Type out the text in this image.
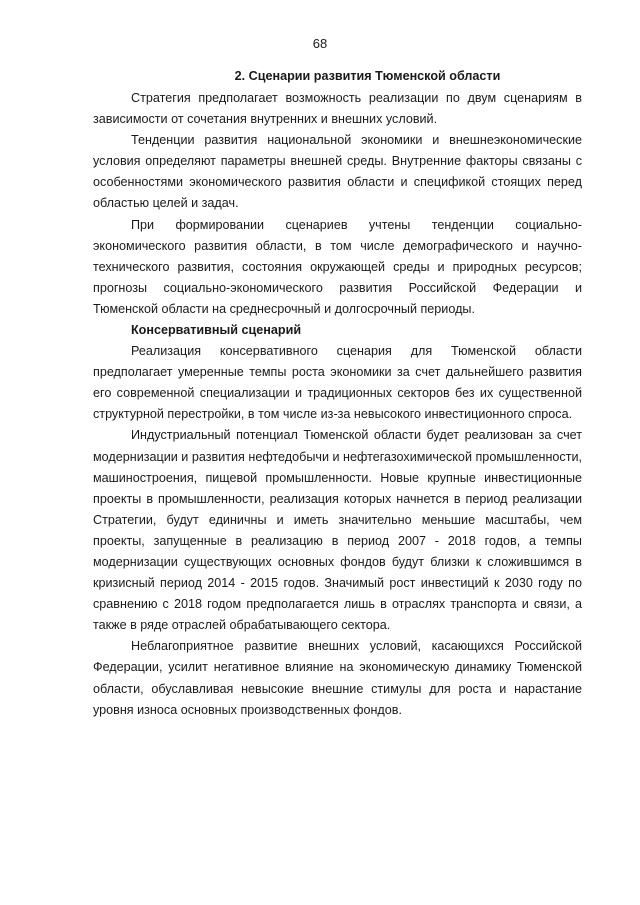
68
2. Сценарии развития Тюменской области

Стратегия предполагает возможность реализации по двум сценариям в зависимости от сочетания внутренних и внешних условий.

Тенденции развития национальной экономики и внешнеэкономические условия определяют параметры внешней среды. Внутренние факторы связаны с особенностями экономического развития области и спецификой стоящих перед областью целей и задач.

При формировании сценариев учтены тенденции социально-экономического развития области, в том числе демографического и научно-технического развития, состояния окружающей среды и природных ресурсов; прогнозы социально-экономического развития Российской Федерации и Тюменской области на среднесрочный и долгосрочный периоды.

Консервативный сценарий

Реализация консервативного сценария для Тюменской области предполагает умеренные темпы роста экономики за счет дальнейшего развития его современной специализации и традиционных секторов без их существенной структурной перестройки, в том числе из-за невысокого инвестиционного спроса.

Индустриальный потенциал Тюменской области будет реализован за счет модернизации и развития нефтедобычи и нефтегазохимической промышленности, машиностроения, пищевой промышленности. Новые крупные инвестиционные проекты в промышленности, реализация которых начнется в период реализации Стратегии, будут единичны и иметь значительно меньшие масштабы, чем проекты, запущенные в реализацию в период 2007 - 2018 годов, а темпы модернизации существующих основных фондов будут близки к сложившимся в кризисный период 2014 - 2015 годов. Значимый рост инвестиций к 2030 году по сравнению с 2018 годом предполагается лишь в отраслях транспорта и связи, а также в ряде отраслей обрабатывающего сектора.

Неблагоприятное развитие внешних условий, касающихся Российской Федерации, усилит негативное влияние на экономическую динамику Тюменской области, обуславливая невысокие внешние стимулы для роста и нарастание уровня износа основных производственных фондов.
